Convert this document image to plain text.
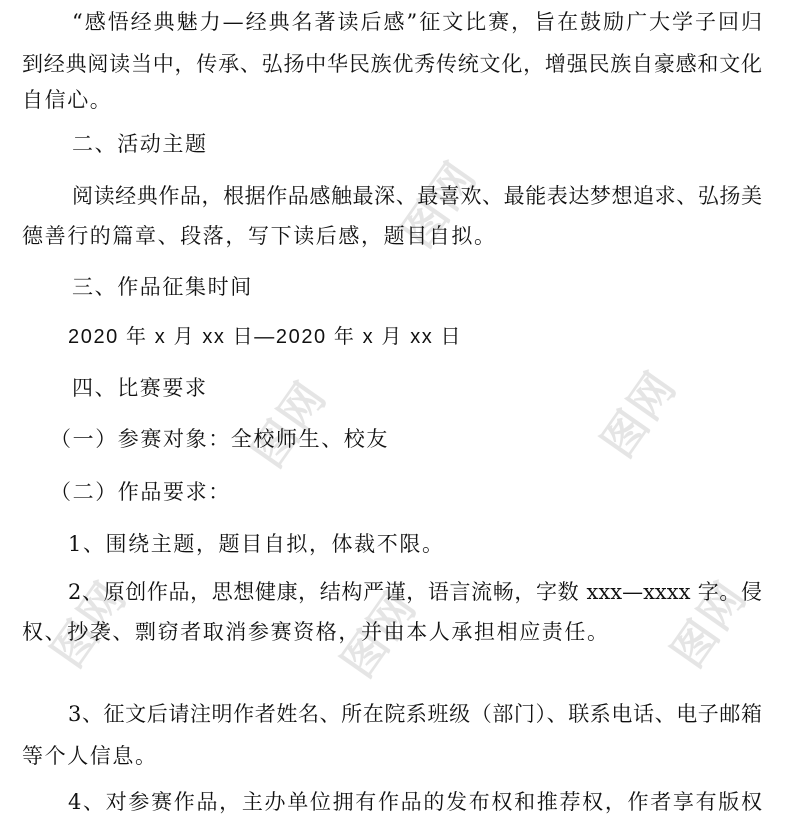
图网
图网	图网
图网	图网	图网
“感悟经典魅力—经典名著读后感”征文比赛，旨在鼓励广大学子回归
到经典阅读当中，传承、弘扬中华民族优秀传统文化，增强民族自豪感和文化
自信心。
二、活动主题
阅读经典作品，根据作品感触最深、最喜欢、最能表达梦想追求、弘扬美
德善行的篇章、段落，写下读后感，题目自拟。
三、作品征集时间
2020 年 x 月 xx 日—2020 年 x 月 xx 日
四、比赛要求
（一）参赛对象：全校师生、校友
（二）作品要求：
1、围绕主题，题目自拟，体裁不限。
2、原创作品，思想健康，结构严谨，语言流畅，字数 xxx—xxxx 字。侵
权、抄袭、剽窃者取消参赛资格，并由本人承担相应责任。
3、征文后请注明作者姓名、所在院系班级（部门）、联系电话、电子邮箱
等个人信息。
4、对参赛作品，主办单位拥有作品的发布权和推荐权，作者享有版权
